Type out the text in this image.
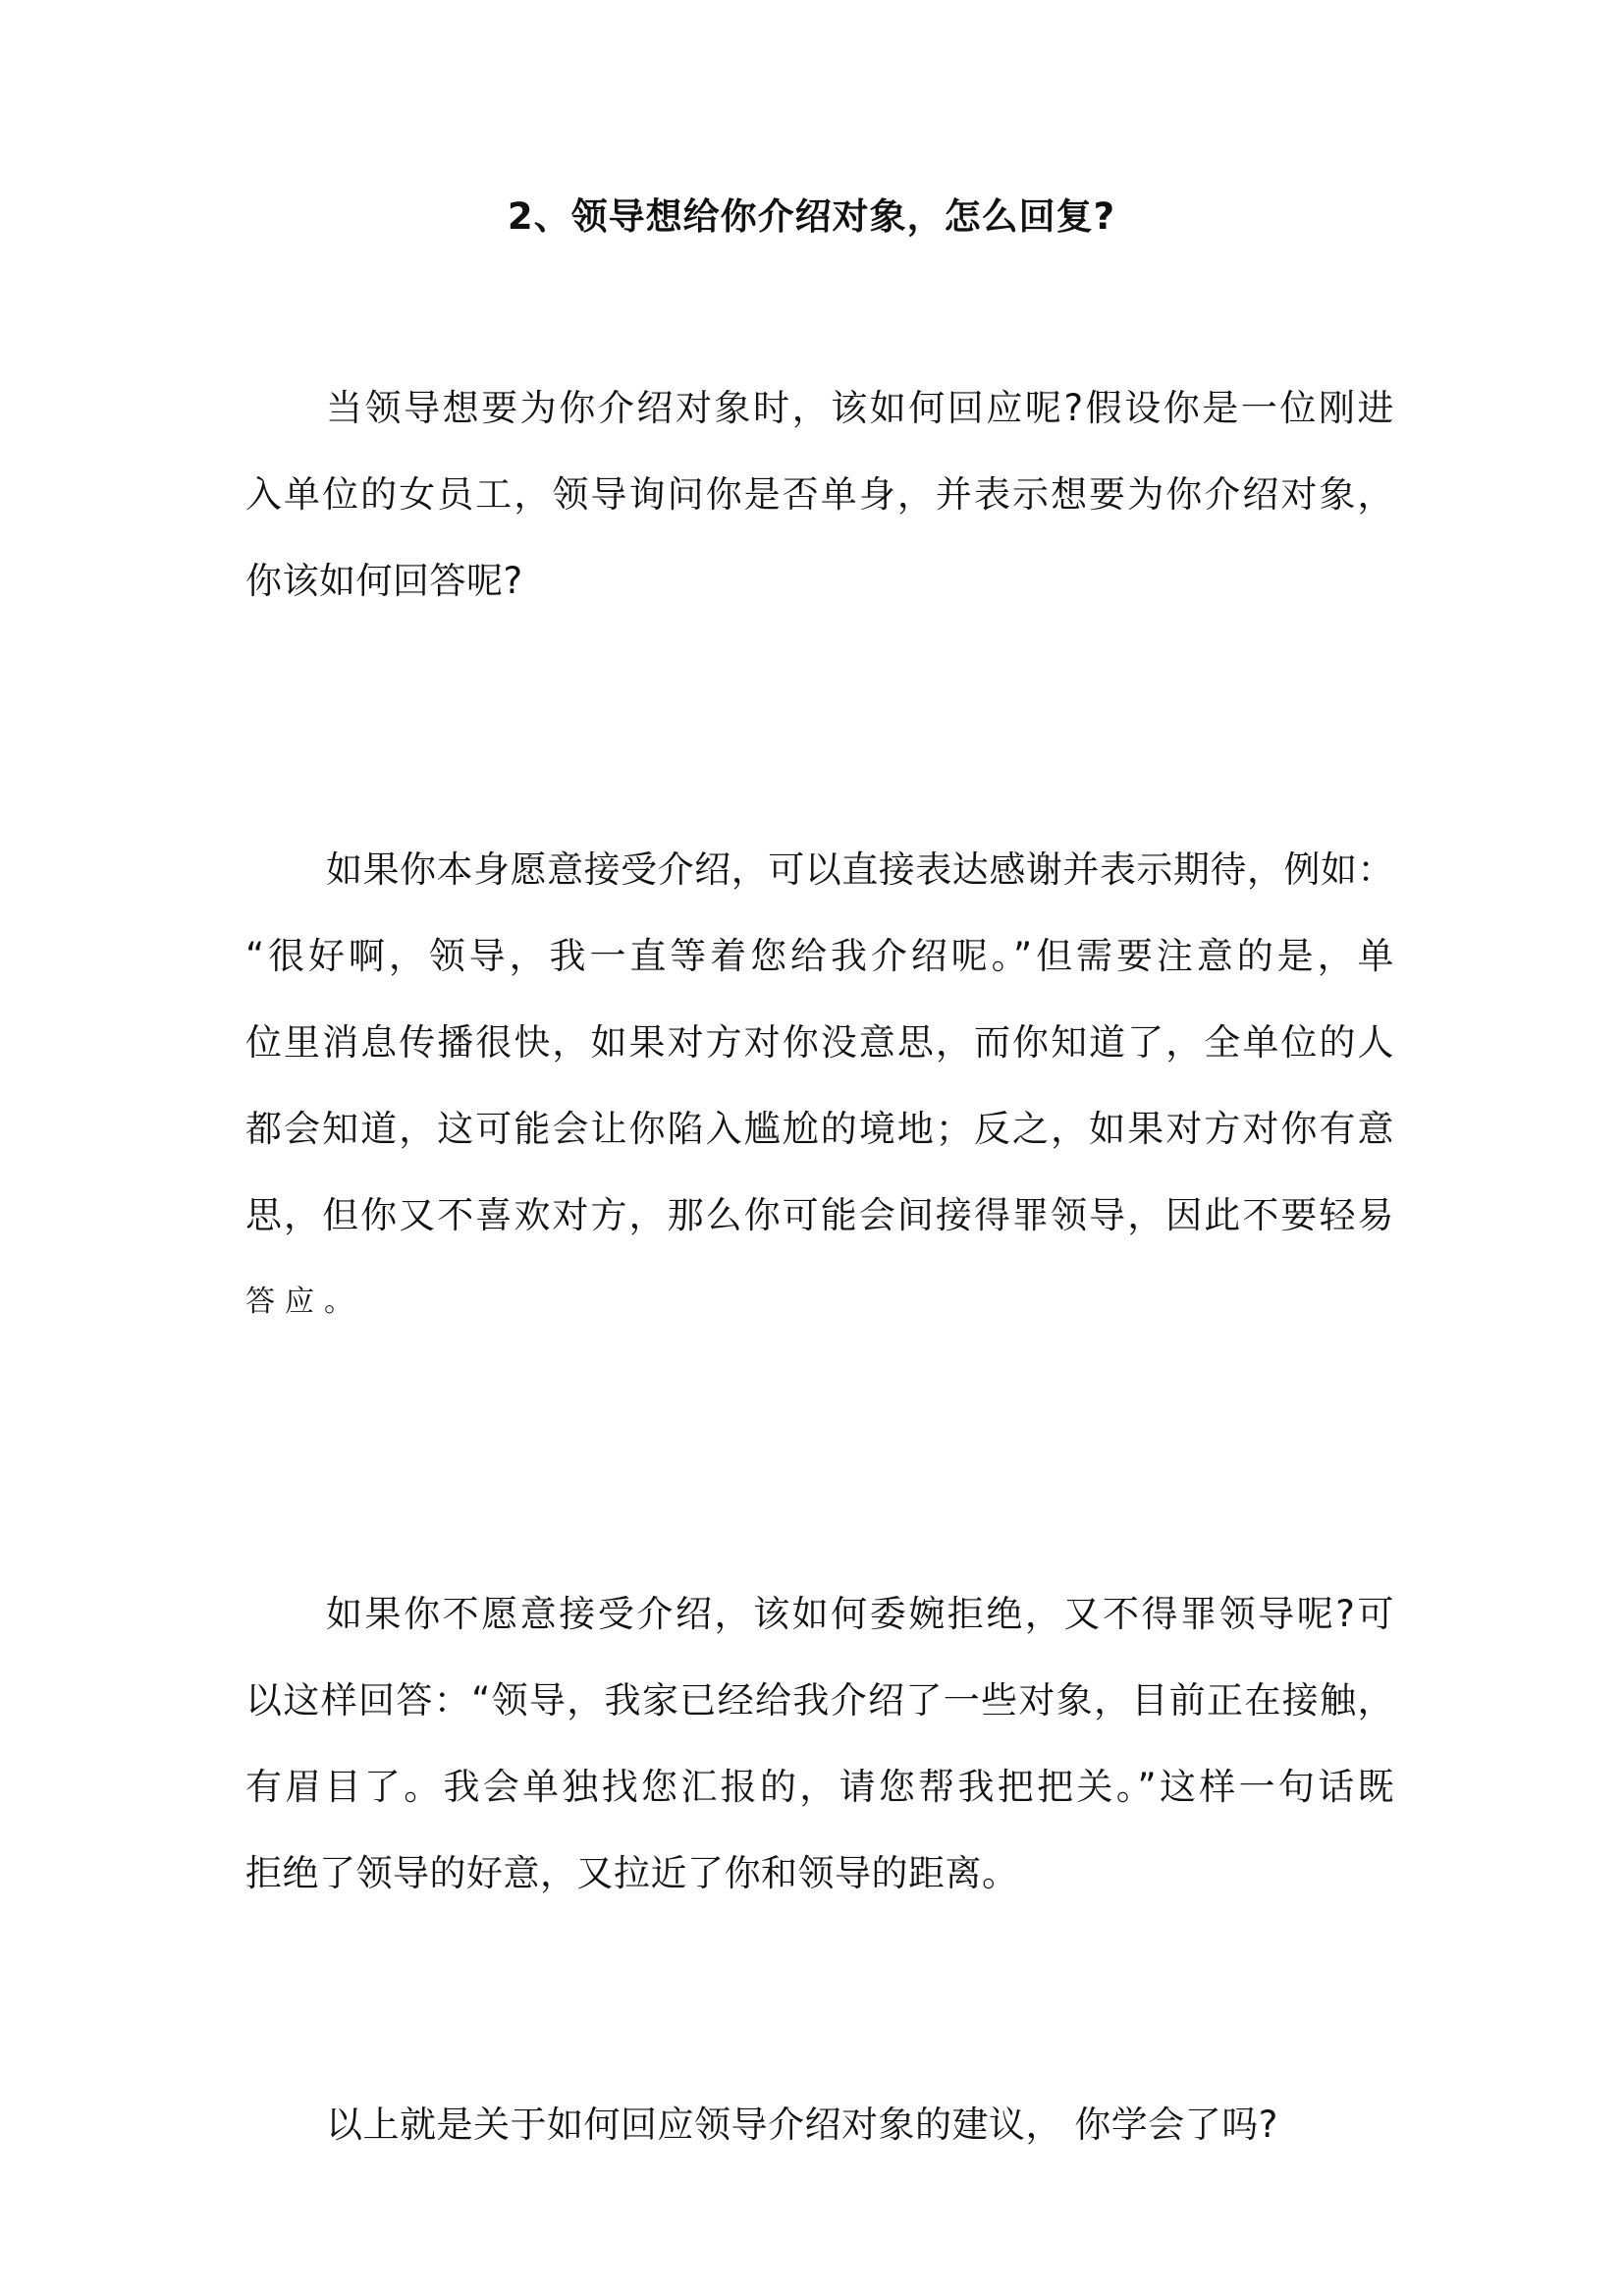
2、领导想给你介绍对象，怎么回复?
当领导想要为你介绍对象时，该如何回应呢?假设你是一位刚进
入单位的女员工，领导询问你是否单身，并表示想要为你介绍对象，
你该如何回答呢?
如果你本身愿意接受介绍，可以直接表达感谢并表示期待，例如：
“很好啊，领导，我一直等着您给我介绍呢。”但需要注意的是，单
位里消息传播很快，如果对方对你没意思，而你知道了，全单位的人
都会知道，这可能会让你陷入尴尬的境地；反之，如果对方对你有意
思，但你又不喜欢对方，那么你可能会间接得罪领导，因此不要轻易
答应。
如果你不愿意接受介绍，该如何委婉拒绝，又不得罪领导呢?可
以这样回答：“领导，我家已经给我介绍了一些对象，目前正在接触，
有眉目了。我会单独找您汇报的，请您帮我把把关。”这样一句话既
拒绝了领导的好意，又拉近了你和领导的距离。
以上就是关于如何回应领导介绍对象的建议， 你学会了吗?
